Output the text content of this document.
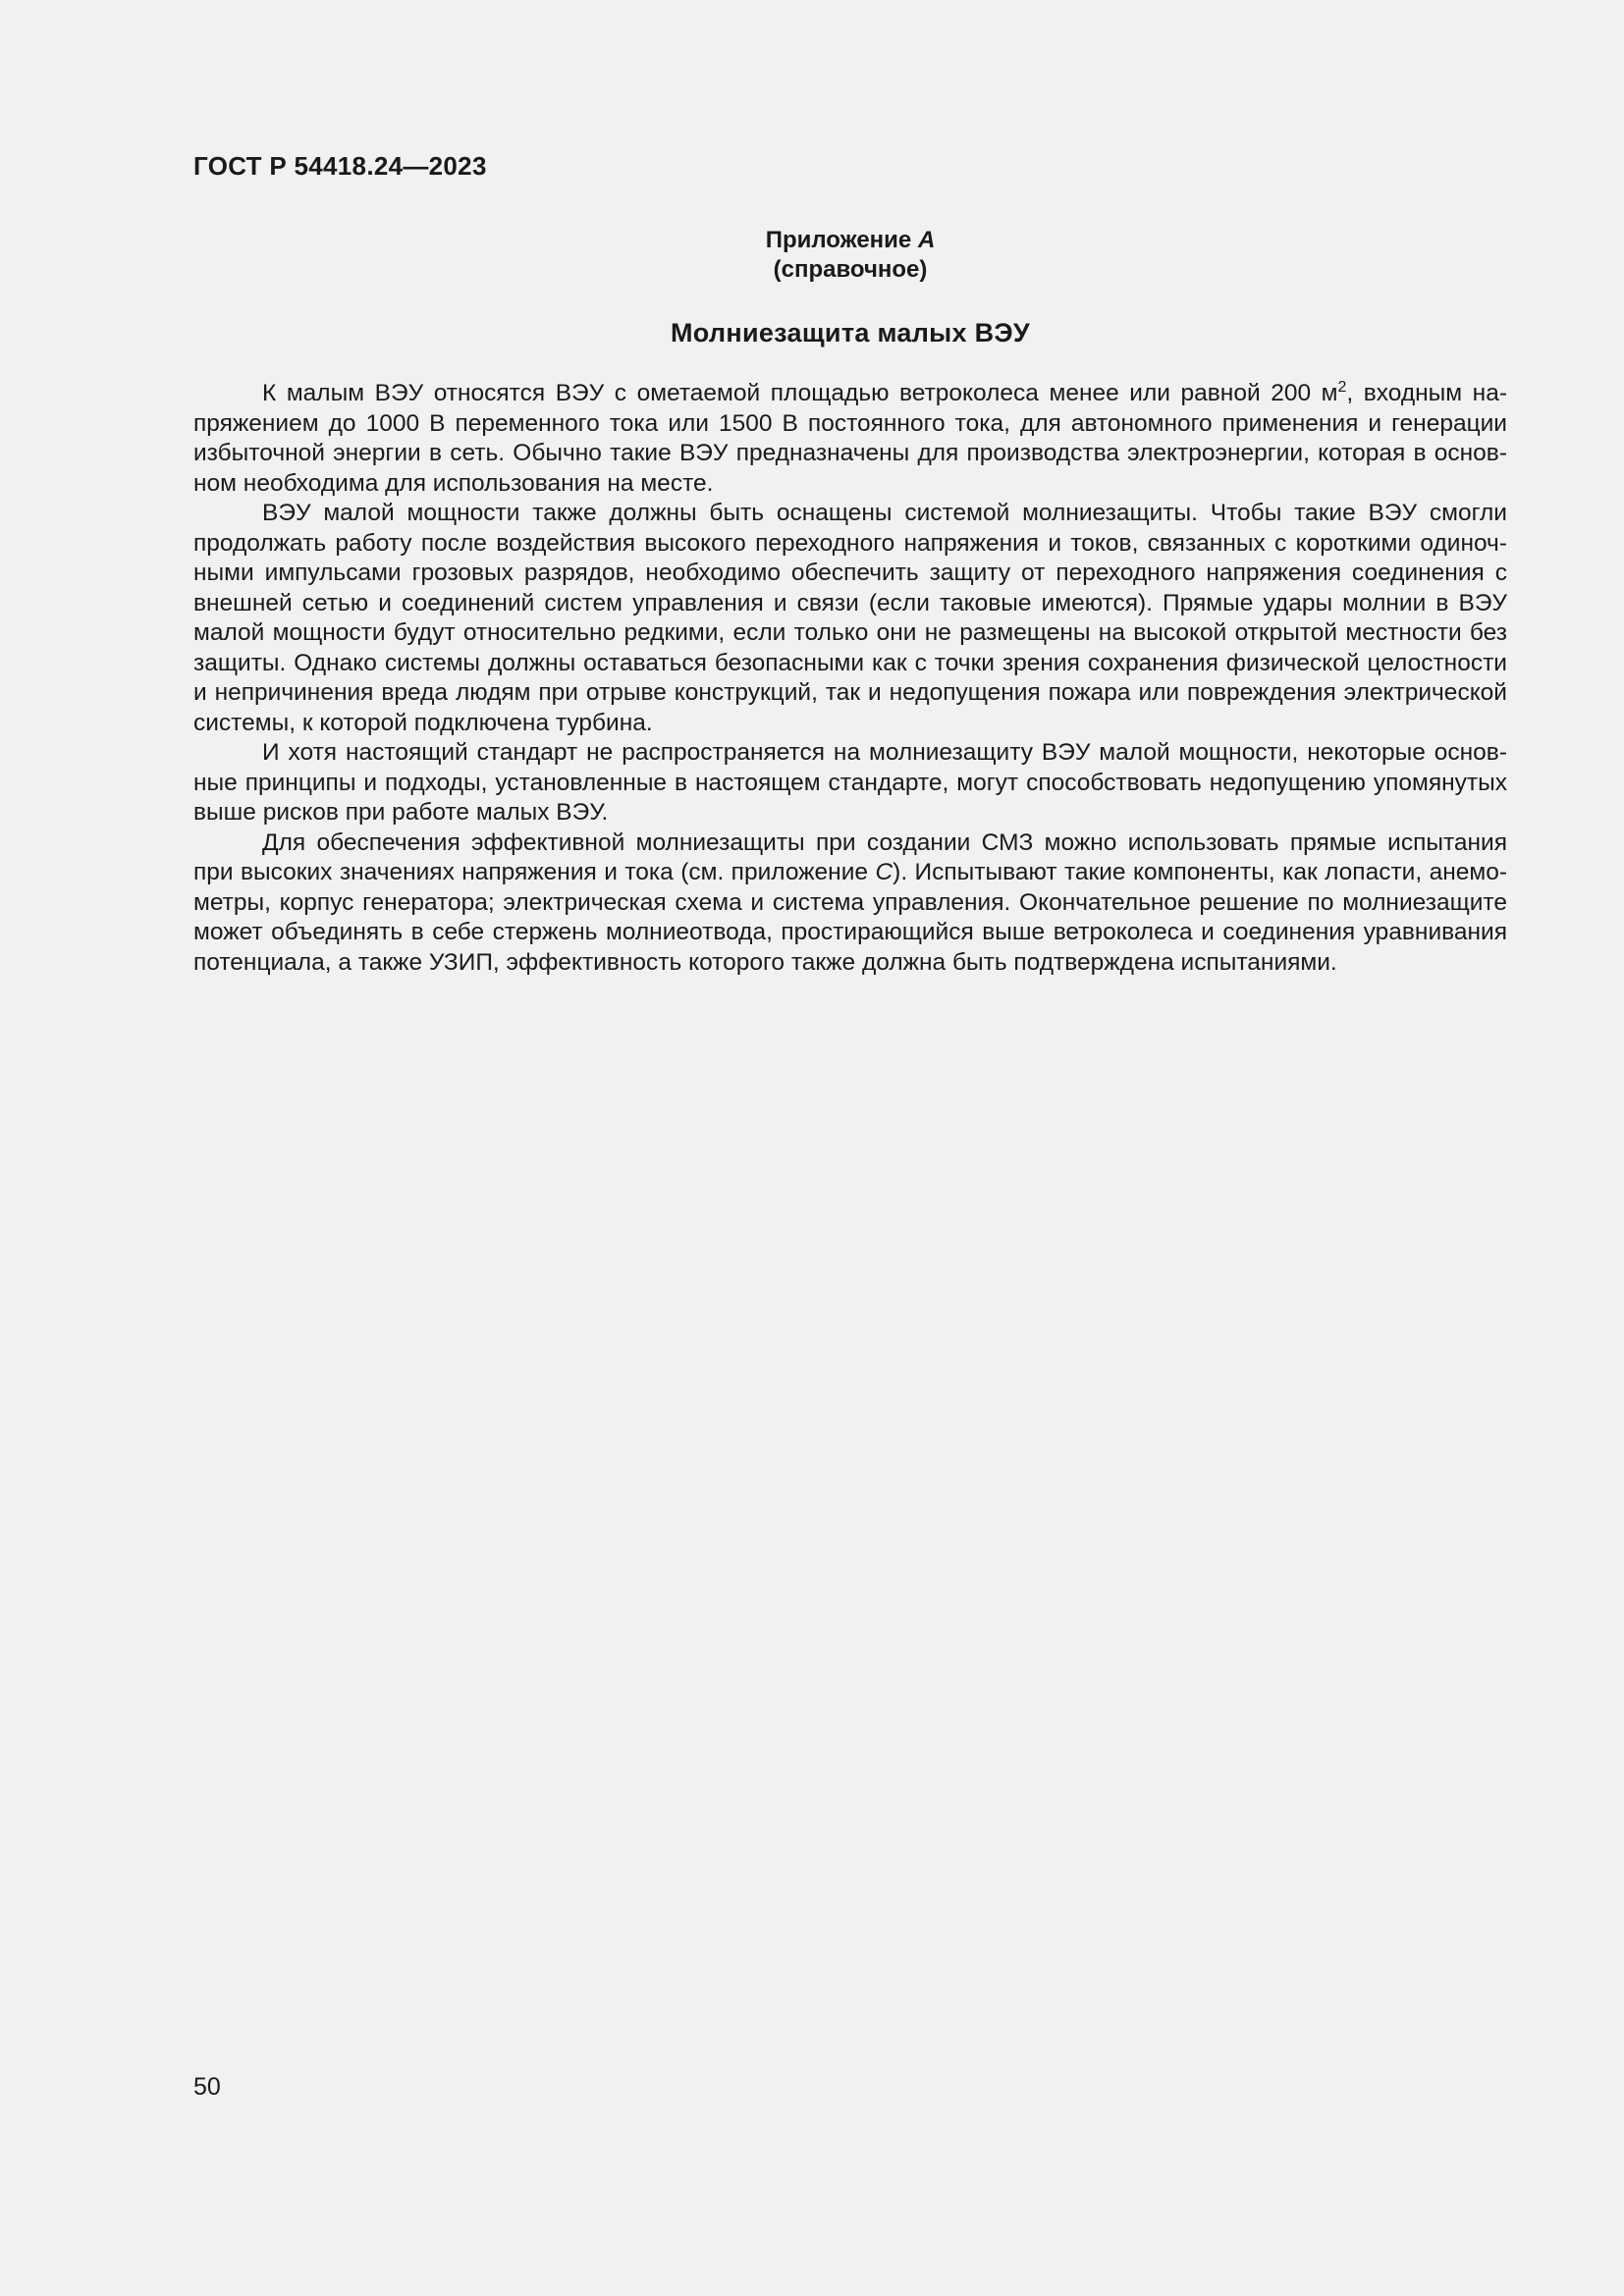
ГОСТ Р 54418.24—2023
Приложение А
(справочное)
Молниезащита малых ВЭУ

К малым ВЭУ относятся ВЭУ с ометаемой площадью ветроколеса менее или равной 200 $м^2$, входным напряжением до 1000 В переменного тока или 1500 В постоянного тока, для автономного применения и генерации избыточной энергии в сеть. Обычно такие ВЭУ предназначены для производства электроэнергии, которая в основном необходима для использования на месте.

ВЭУ малой мощности также должны быть оснащены системой молниезащиты. Чтобы такие ВЭУ смогли продолжать работу после воздействия высокого переходного напряжения и токов, связанных с короткими одиночными импульсами грозовых разрядов, необходимо обеспечить защиту от переходного напряжения соединения с внешней сетью и соединений систем управления и связи (если таковые имеются). Прямые удары молнии в ВЭУ малой мощности будут относительно редкими, если только они не размещены на высокой открытой местности без защиты. Однако системы должны оставаться безопасными как с точки зрения сохранения физической целостности и непричинения вреда людям при отрыве конструкций, так и недопущения пожара или повреждения электрической системы, к которой подключена турбина.

И хотя настоящий стандарт не распространяется на молниезащиту ВЭУ малой мощности, некоторые основные принципы и подходы, установленные в настоящем стандарте, могут способствовать недопущению упомянутых выше рисков при работе малых ВЭУ.

Для обеспечения эффективной молниезащиты при создании СМЗ можно использовать прямые испытания при высоких значениях напряжения и тока (см. приложение С). Испытывают такие компоненты, как лопасти, анемометры, корпус генератора; электрическая схема и система управления. Окончательное решение по молниезащите может объединять в себе стержень молниеотвода, простирающийся выше ветроколеса и соединения уравнивания потенциала, а также УЗИП, эффективность которого также должна быть подтверждена испытаниями.

50
